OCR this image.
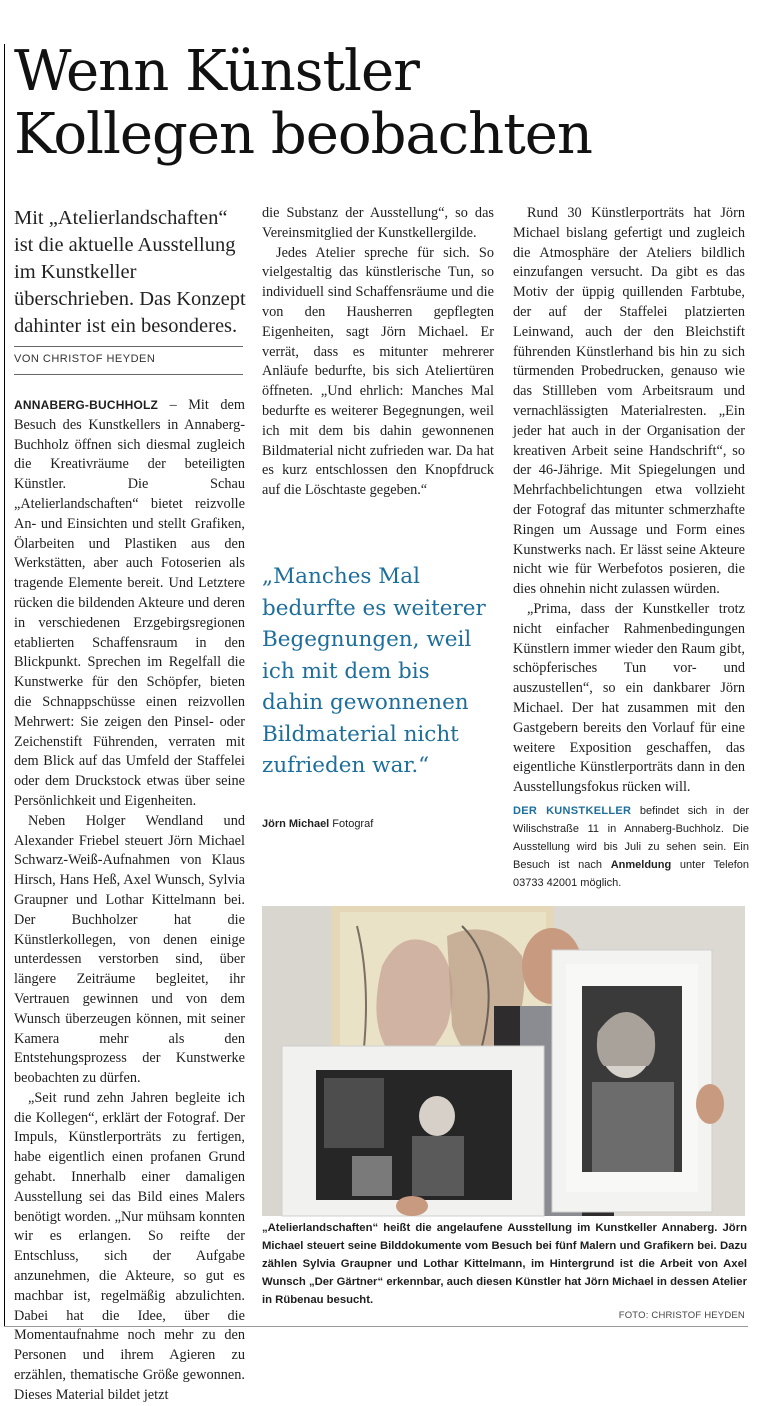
Wenn Künstler
Kollegen beobachten
Mit „Atelierlandschaften“ ist die aktuelle Ausstellung im Kunstkeller überschrieben. Das Konzept dahinter ist ein besonderes.
VON CHRISTOF HEYDEN

ANNABERG-BUCHHOLZ – Mit dem Besuch des Kunstkellers in Annaberg-Buchholz öffnen sich diesmal zugleich die Kreativräume der beteiligten Künstler. Die Schau „Atelierlandschaften“ bietet reizvolle An- und Einsichten und stellt Grafiken, Ölarbeiten und Plastiken aus den Werkstätten, aber auch Fotoserien als tragende Elemente bereit. Und Letztere rücken die bildenden Akteure und deren in verschiedenen Erzgebirgsregionen etablierten Schaffensraum in den Blickpunkt. Sprechen im Regelfall die Kunstwerke für den Schöpfer, bieten die Schnappschüsse einen reizvollen Mehrwert: Sie zeigen den Pinsel- oder Zeichenstift Führenden, verraten mit dem Blick auf das Umfeld der Staffelei oder dem Druckstock etwas über seine Persönlichkeit und Eigenheiten.

Neben Holger Wendland und Alexander Friebel steuert Jörn Michael Schwarz-Weiß-Aufnahmen von Klaus Hirsch, Hans Heß, Axel Wunsch, Sylvia Graupner und Lothar Kittelmann bei. Der Buchholzer hat die Künstlerkollegen, von denen einige unterdessen verstorben sind, über längere Zeiträume begleitet, ihr Vertrauen gewinnen und von dem Wunsch überzeugen können, mit seiner Kamera mehr als den Entstehungsprozess der Kunstwerke beobachten zu dürfen.

„Seit rund zehn Jahren begleite ich die Kollegen“, erklärt der Fotograf. Der Impuls, Künstlerporträts zu fertigen, habe eigentlich einen profanen Grund gehabt. Innerhalb einer damaligen Ausstellung sei das Bild eines Malers benötigt worden. „Nur mühsam konnten wir es erlangen. So reifte der Entschluss, sich der Aufgabe anzunehmen, die Akteure, so gut es machbar ist, regelmäßig abzulichten. Dabei hat die Idee, über die Momentaufnahme noch mehr zu den Personen und ihrem Agieren zu erzählen, thematische Größe gewonnen. Dieses Material bildet jetzt

die Substanz der Ausstellung“, so das Vereinsmitglied der Kunstkellergilde.

Jedes Atelier spreche für sich. So vielgestaltig das künstlerische Tun, so individuell sind Schaffensräume und die von den Hausherren gepflegten Eigenheiten, sagt Jörn Michael. Er verrät, dass es mitunter mehrerer Anläufe bedurfte, bis sich Ateliertüren öffneten. „Und ehrlich: Manches Mal bedurfte es weiterer Begegnungen, weil ich mit dem bis dahin gewonnenen Bildmaterial nicht zufrieden war. Da hat es kurz entschlossen den Knopfdruck auf die Löschtaste gegeben.“

„Manches Mal bedurfte es weiterer Begegnungen, weil ich mit dem bis dahin gewonnenen Bildmaterial nicht zufrieden war.“
Jörn Michael Fotograf

Rund 30 Künstlerporträts hat Jörn Michael bislang gefertigt und zugleich die Atmosphäre der Ateliers bildlich einzufangen versucht. Da gibt es das Motiv der üppig quillenden Farbtube, der auf der Staffelei platzierten Leinwand, auch der den Bleichstift führenden Künstlerhand bis hin zu sich türmenden Probedrucken, genauso wie das Stillleben vom Arbeitsraum und vernachlässigten Materialresten. „Ein jeder hat auch in der Organisation der kreativen Arbeit seine Handschrift“, so der 46-Jährige. Mit Spiegelungen und Mehrfachbelichtungen etwa vollzieht der Fotograf das mitunter schmerzhafte Ringen um Aussage und Form eines Kunstwerks nach. Er lässt seine Akteure nicht wie für Werbefotos posieren, die dies ohnehin nicht zulassen würden.

„Prima, dass der Kunstkeller trotz nicht einfacher Rahmenbedingungen Künstlern immer wieder den Raum gibt, schöpferisches Tun vor- und auszustellen“, so ein dankbarer Jörn Michael. Der hat zusammen mit den Gastgebern bereits den Vorlauf für eine weitere Exposition geschaffen, das eigentliche Künstlerporträts dann in den Ausstellungsfokus rücken will.

DER KUNSTKELLER befindet sich in der Wilischstraße 11 in Annaberg-Buchholz. Die Ausstellung wird bis Juli zu sehen sein. Ein Besuch ist nach Anmeldung unter Telefon 03733 42001 möglich.
„Atelierlandschaften“ heißt die angelaufene Ausstellung im Kunstkeller Annaberg. Jörn Michael steuert seine Bilddokumente vom Besuch bei fünf Malern und Grafikern bei. Dazu zählen Sylvia Graupner und Lothar Kittelmann, im Hintergrund ist die Arbeit von Axel Wunsch „Der Gärtner“ erkennbar, auch diesen Künstler hat Jörn Michael in dessen Atelier in Rübenau besucht.
FOTO: CHRISTOF HEYDEN
